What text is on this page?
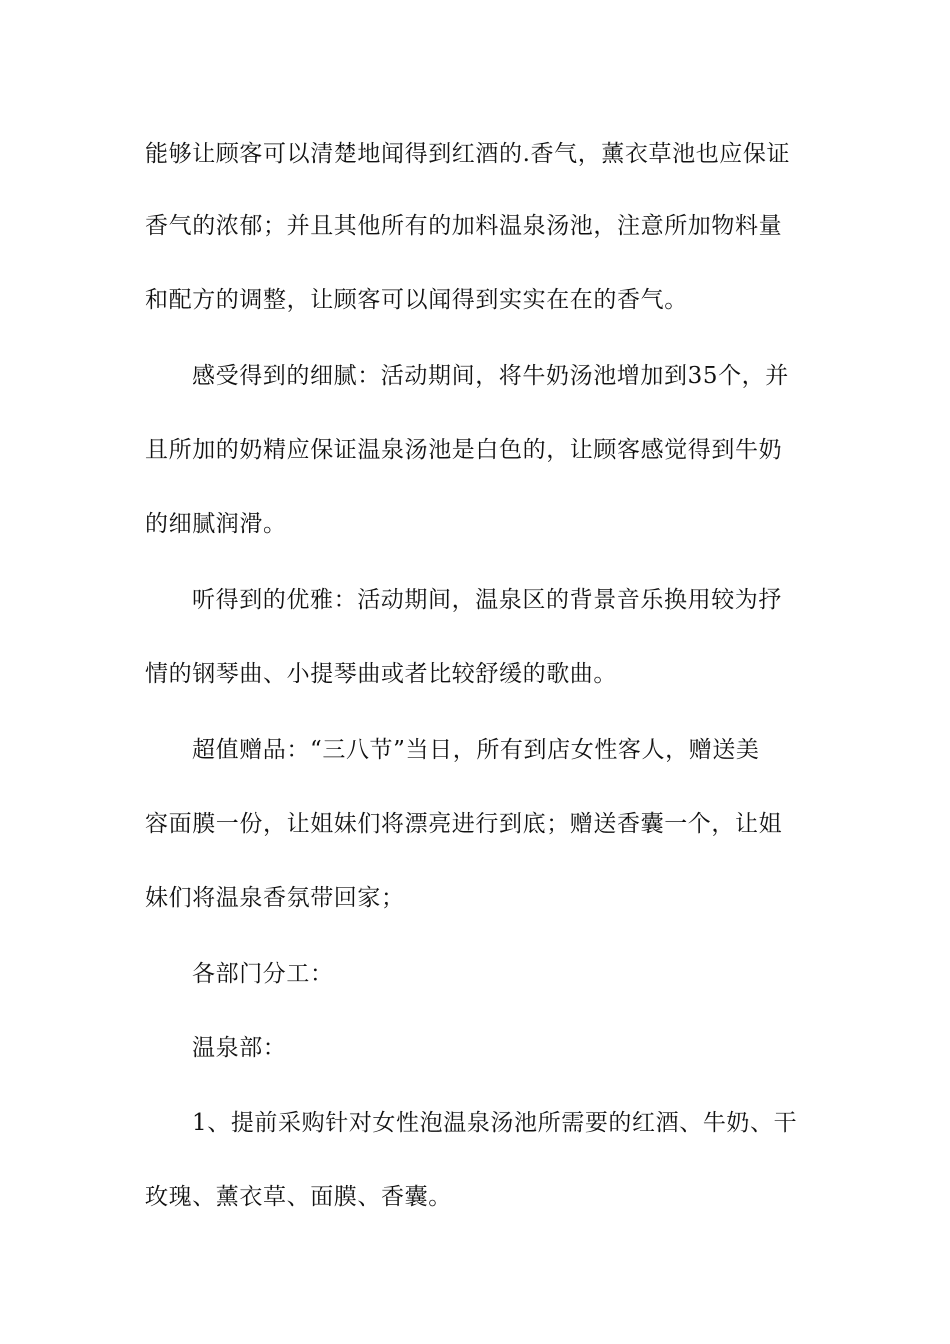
能够让顾客可以清楚地闻得到红酒的.香气，薰衣草池也应保证
香气的浓郁；并且其他所有的加料温泉汤池，注意所加物料量
和配方的调整，让顾客可以闻得到实实在在的香气。
感受得到的细腻：活动期间，将牛奶汤池增加到35个，并
且所加的奶精应保证温泉汤池是白色的，让顾客感觉得到牛奶
的细腻润滑。
听得到的优雅：活动期间，温泉区的背景音乐换用较为抒
情的钢琴曲、小提琴曲或者比较舒缓的歌曲。
超值赠品：“三八节”当日，所有到店女性客人，赠送美
容面膜一份，让姐妹们将漂亮进行到底；赠送香囊一个，让姐
妹们将温泉香氛带回家；
各部门分工：
温泉部：
1、提前采购针对女性泡温泉汤池所需要的红酒、牛奶、干
玫瑰、薰衣草、面膜、香囊。
